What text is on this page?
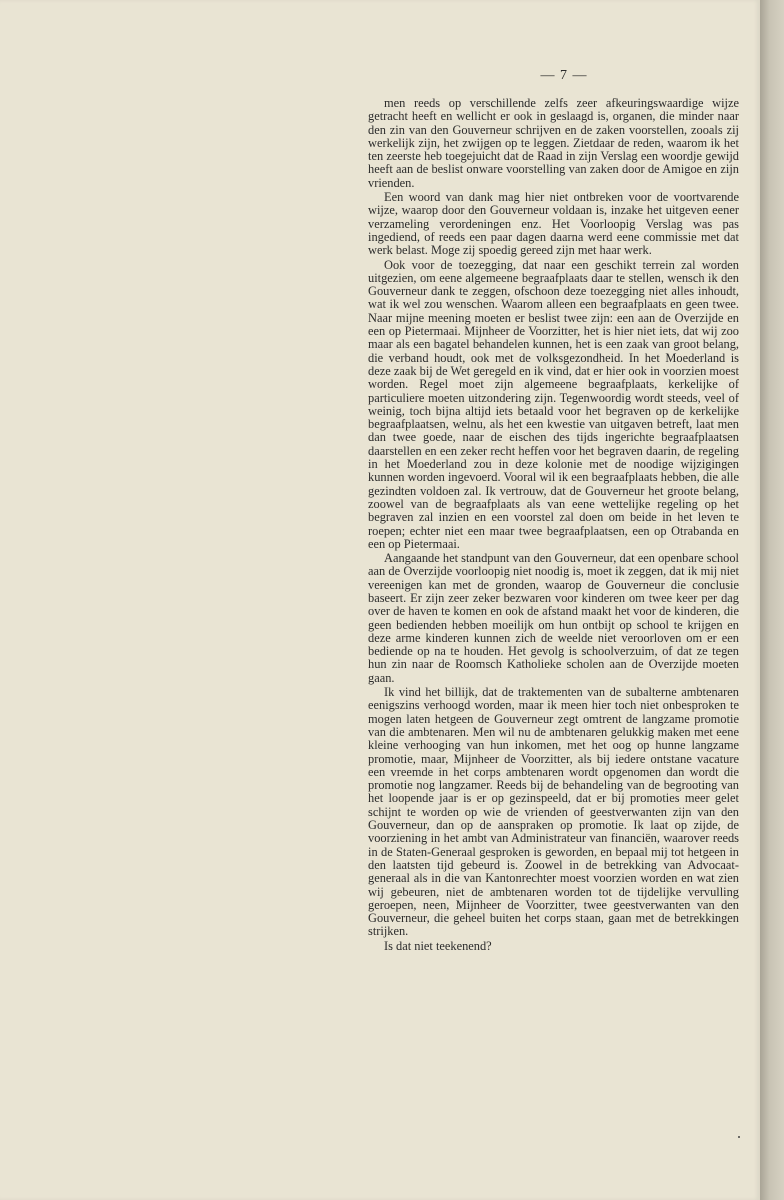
— 7 —

men reeds op verschillende zelfs zeer afkeuringswaardige wijze getracht heeft en wellicht er ook in geslaagd is, organen, die minder naar den zin van den Gouverneur schrijven en de zaken voorstellen, zooals zij werkelijk zijn, het zwijgen op te leggen. Zietdaar de reden, waarom ik het ten zeerste heb toegejuicht dat de Raad in zijn Verslag een woordje gewijd heeft aan de beslist onware voorstelling van zaken door de Amigoe en zijn vrienden.

Een woord van dank mag hier niet ontbreken voor de voortvarende wijze, waarop door den Gouverneur voldaan is, inzake het uitgeven eener verzameling verordeningen enz. Het Voorloopig Verslag was pas ingediend, of reeds een paar dagen daarna werd eene commissie met dat werk belast. Moge zij spoedig gereed zijn met haar werk.

Ook voor de toezegging, dat naar een geschikt terrein zal worden uitgezien, om eene algemeene begraafplaats daar te stellen, wensch ik den Gouverneur dank te zeggen, ofschoon deze toezegging niet alles inhoudt, wat ik wel zou wenschen. Waarom alleen een begraafplaats en geen twee. Naar mijne meening moeten er beslist twee zijn: een aan de Overzijde en een op Pietermaai. Mijnheer de Voorzitter, het is hier niet iets, dat wij zoo maar als een bagatel behandelen kunnen, het is een zaak van groot belang, die verband houdt, ook met de volksgezondheid. In het Moederland is deze zaak bij de Wet geregeld en ik vind, dat er hier ook in voorzien moest worden. Regel moet zijn algemeene begraafplaats, kerkelijke of particuliere moeten uitzondering zijn. Tegenwoordig wordt steeds, veel of weinig, toch bijna altijd iets betaald voor het begraven op de kerkelijke begraafplaatsen, welnu, als het een kwestie van uitgaven betreft, laat men dan twee goede, naar de eischen des tijds ingerichte begraafplaatsen daarstellen en een zeker recht heffen voor het begraven daarin, de regeling in het Moederland zou in deze kolonie met de noodige wijzigingen kunnen worden ingevoerd. Vooral wil ik een begraafplaats hebben, die alle gezindten voldoen zal. Ik vertrouw, dat de Gouverneur het groote belang, zoowel van de begraafplaats als van eene wettelijke regeling op het begraven zal inzien en een voorstel zal doen om beide in het leven te roepen; echter niet een maar twee begraafplaatsen, een op Otrabanda en een op Pietermaai.

Aangaande het standpunt van den Gouverneur, dat een openbare school aan de Overzijde voorloopig niet noodig is, moet ik zeggen, dat ik mij niet vereenigen kan met de gronden, waarop de Gouverneur die conclusie baseert. Er zijn zeer zeker bezwaren voor kinderen om twee keer per dag over de haven te komen en ook de afstand maakt het voor de kinderen, die geen bedienden hebben moeilijk om hun ontbijt op school te krijgen en deze arme kinderen kunnen zich de weelde niet veroorloven om er een bediende op na te houden. Het gevolg is schoolverzuim, of dat ze tegen hun zin naar de Roomsch Katholieke scholen aan de Overzijde moeten gaan.

Ik vind het billijk, dat de traktementen van de subalterne ambtenaren eenigszins verhoogd worden, maar ik meen hier toch niet onbesproken te mogen laten hetgeen de Gouverneur zegt omtrent de langzame promotie van die ambtenaren. Men wil nu de ambtenaren gelukkig maken met eene kleine verhooging van hun inkomen, met het oog op hunne langzame promotie, maar, Mijnheer de Voorzitter, als bij iedere ontstane vacature een vreemde in het corps ambtenaren wordt opgenomen dan wordt die promotie nog langzamer. Reeds bij de behandeling van de begrooting van het loopende jaar is er op gezinspeeld, dat er bij promoties meer gelet schijnt te worden op wie de vrienden of geestverwanten zijn van den Gouverneur, dan op de aanspraken op promotie. Ik laat op zijde, de voorziening in het ambt van Administrateur van financiën, waarover reeds in de Staten-Generaal gesproken is geworden, en bepaal mij tot hetgeen in den laatsten tijd gebeurd is. Zoowel in de betrekking van Advocaat-generaal als in die van Kantonrechter moest voorzien worden en wat zien wij gebeuren, niet de ambtenaren worden tot de tijdelijke vervulling geroepen, neen, Mijnheer de Voorzitter, twee geestverwanten van den Gouverneur, die geheel buiten het corps staan, gaan met de betrekkingen strijken.

Is dat niet teekenend?
